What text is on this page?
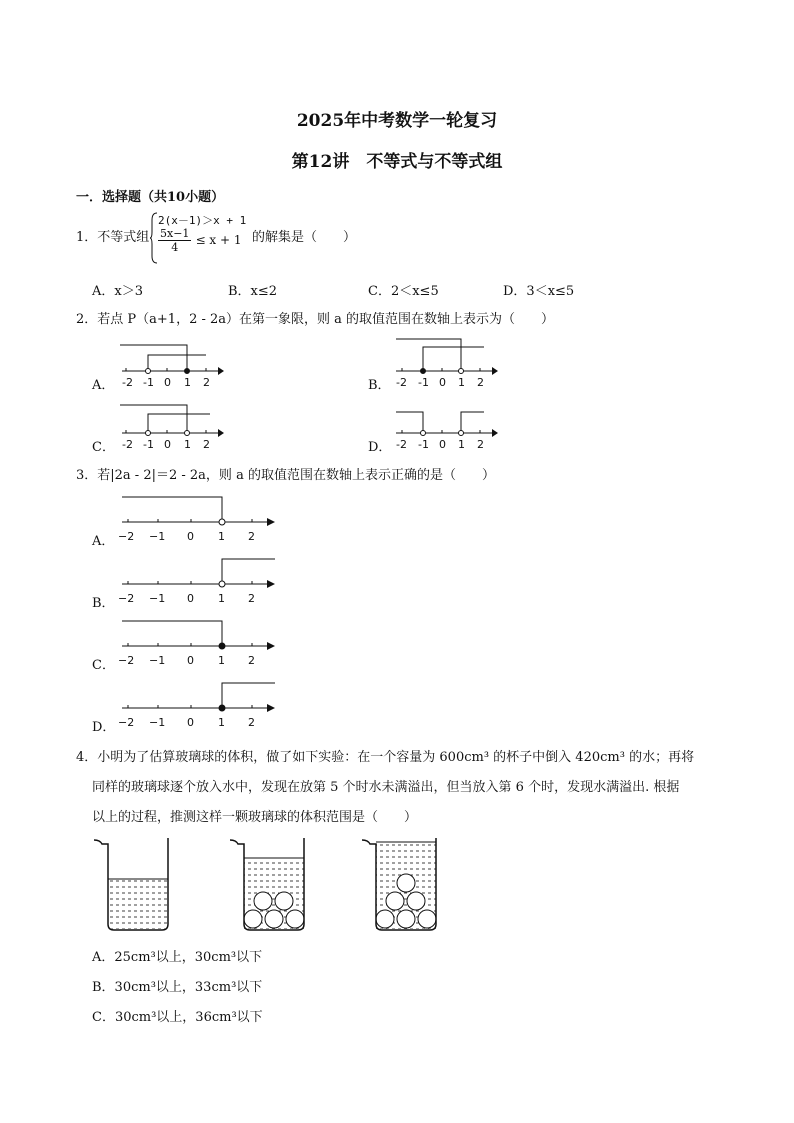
2025年中考数学一轮复习
第12讲　不等式与不等式组
一．选择题（共10小题）
1．不等式组
2(x－1)＞x + 1
$\frac{5x-1}{4} \le x + 1$ 的解集是（　　）
A．x＞3	B．x≤2	C．2＜x≤5	D．3＜x≤5
2．若点 P（a+1，2 - 2a）在第一象限，则 a 的取值范围在数轴上表示为（　　）
A． -2 -1 0 1 2	B． -2 -1 0 1 2
C． -2 -1 0 1 2	D． -2 -1 0 1 2
3．若|2a - 2|＝2 - 2a，则 a 的取值范围在数轴上表示正确的是（　　）
A． −2 −1 0 1 2
B． −2 −1 0 1 2
C． −2 −1 0 1 2
D． −2 −1 0 1 2
4．小明为了估算玻璃球的体积，做了如下实验：在一个容量为 600cm³ 的杯子中倒入 420cm³ 的水；再将
同样的玻璃球逐个放入水中，发现在放第 5 个时水未满溢出，但当放入第 6 个时，发现水满溢出. 根据
以上的过程，推测这样一颗玻璃球的体积范围是（　　）
A．25cm³以上，30cm³以下
B．30cm³以上，33cm³以下
C．30cm³以上，36cm³以下
